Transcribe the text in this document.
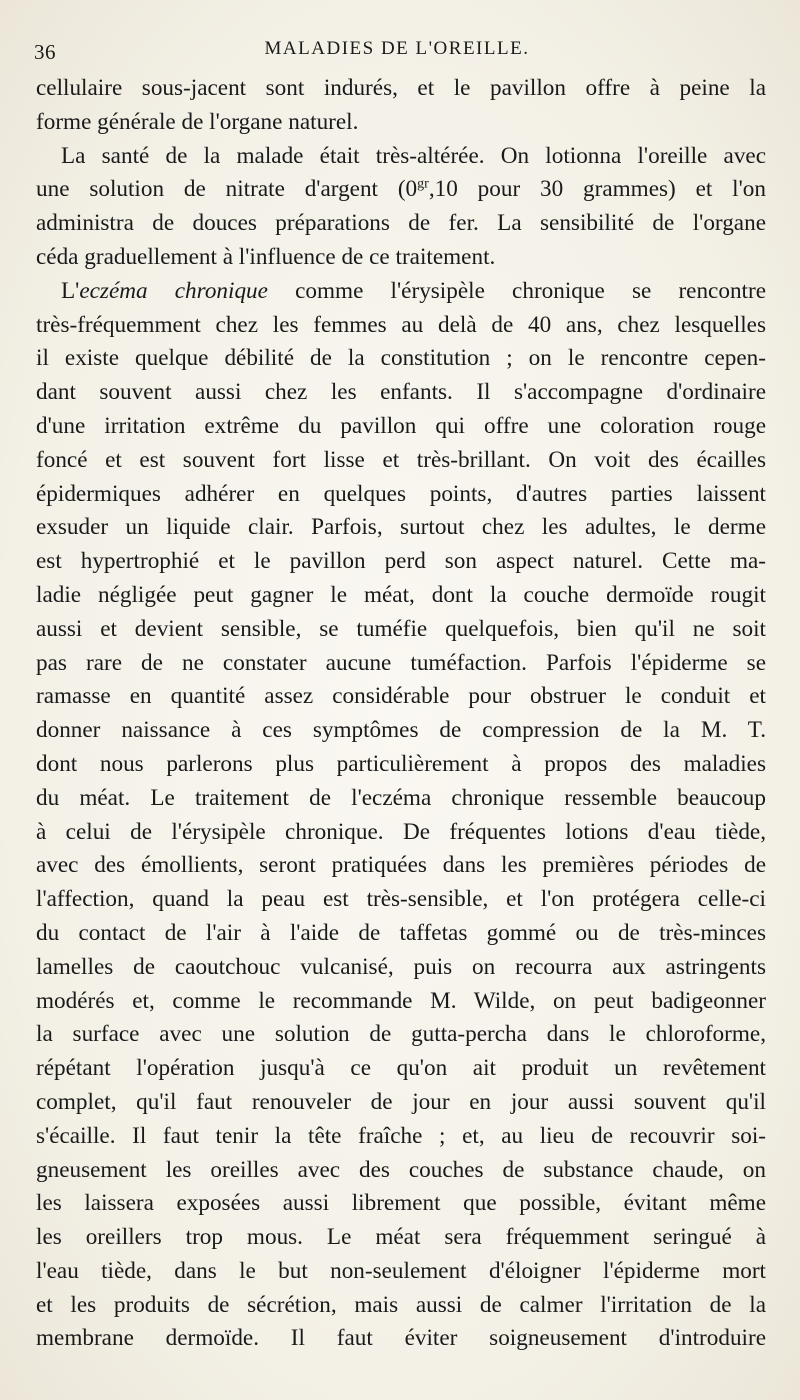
36	MALADIES DE L'OREILLE.
cellulaire sous-jacent sont indurés, et le pavillon offre à peine la
forme générale de l'organe naturel.
La santé de la malade était très-altérée. On lotionna l'oreille avec
une solution de nitrate d'argent ($0^{gr},10$ pour 30 grammes) et l'on
administra de douces préparations de fer. La sensibilité de l'organe
céda graduellement à l'influence de ce traitement.
L'eczéma chronique comme l'érysipèle chronique se rencontre
très-fréquemment chez les femmes au delà de 40 ans, chez lesquelles
il existe quelque débilité de la constitution ; on le rencontre cepen-
dant souvent aussi chez les enfants. Il s'accompagne d'ordinaire
d'une irritation extrême du pavillon qui offre une coloration rouge
foncé et est souvent fort lisse et très-brillant. On voit des écailles
épidermiques adhérer en quelques points, d'autres parties laissent
exsuder un liquide clair. Parfois, surtout chez les adultes, le derme
est hypertrophié et le pavillon perd son aspect naturel. Cette ma-
ladie négligée peut gagner le méat, dont la couche dermoïde rougit
aussi et devient sensible, se tuméfie quelquefois, bien qu'il ne soit
pas rare de ne constater aucune tuméfaction. Parfois l'épiderme se
ramasse en quantité assez considérable pour obstruer le conduit et
donner naissance à ces symptômes de compression de la M. T.
dont nous parlerons plus particulièrement à propos des maladies
du méat. Le traitement de l'eczéma chronique ressemble beaucoup
à celui de l'érysipèle chronique. De fréquentes lotions d'eau tiède,
avec des émollients, seront pratiquées dans les premières périodes de
l'affection, quand la peau est très-sensible, et l'on protégera celle-ci
du contact de l'air à l'aide de taffetas gommé ou de très-minces
lamelles de caoutchouc vulcanisé, puis on recourra aux astringents
modérés et, comme le recommande M. Wilde, on peut badigeonner
la surface avec une solution de gutta-percha dans le chloroforme,
répétant l'opération jusqu'à ce qu'on ait produit un revêtement
complet, qu'il faut renouveler de jour en jour aussi souvent qu'il
s'écaille. Il faut tenir la tête fraîche ; et, au lieu de recouvrir soi-
gneusement les oreilles avec des couches de substance chaude, on
les laissera exposées aussi librement que possible, évitant même
les oreillers trop mous. Le méat sera fréquemment seringué à
l'eau tiède, dans le but non-seulement d'éloigner l'épiderme mort
et les produits de sécrétion, mais aussi de calmer l'irritation de la
membrane dermoïde. Il faut éviter soigneusement d'introduire
